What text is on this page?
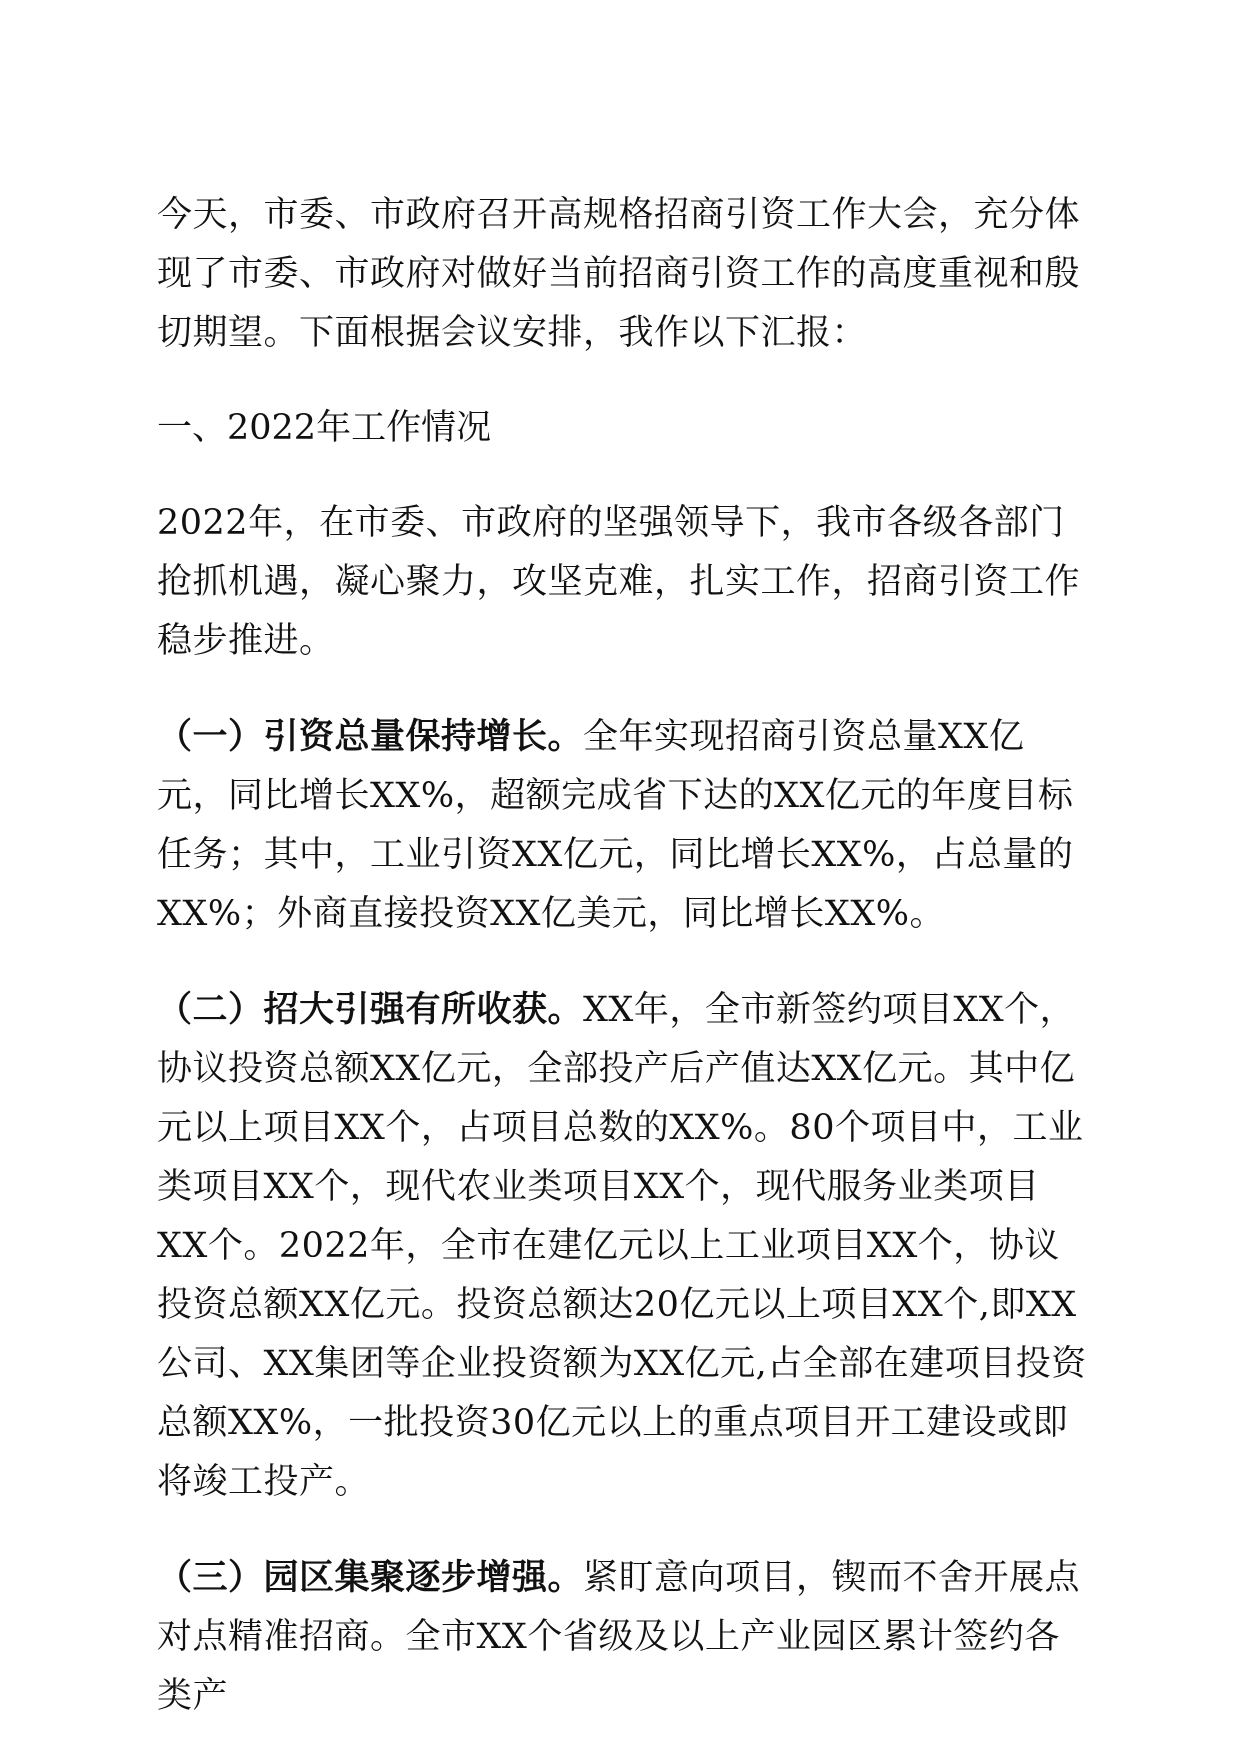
今天，市委、市政府召开高规格招商引资工作大会，充分体现了市委、市政府对做好当前招商引资工作的高度重视和殷切期望。下面根据会议安排，我作以下汇报：

一、2022年工作情况

2022年，在市委、市政府的坚强领导下，我市各级各部门抢抓机遇，凝心聚力，攻坚克难，扎实工作，招商引资工作稳步推进。

（一）引资总量保持增长。全年实现招商引资总量XX亿元，同比增长XX%，超额完成省下达的XX亿元的年度目标任务；其中，工业引资XX亿元，同比增长XX%，占总量的XX%；外商直接投资XX亿美元，同比增长XX%。

（二）招大引强有所收获。XX年，全市新签约项目XX个，协议投资总额XX亿元，全部投产后产值达XX亿元。其中亿元以上项目XX个，占项目总数的XX%。80个项目中，工业类项目XX个，现代农业类项目XX个，现代服务业类项目XX个。2022年，全市在建亿元以上工业项目XX个，协议投资总额XX亿元。投资总额达20亿元以上项目XX个,即XX公司、XX集团等企业投资额为XX亿元,占全部在建项目投资总额XX%，一批投资30亿元以上的重点项目开工建设或即将竣工投产。

（三）园区集聚逐步增强。紧盯意向项目，锲而不舍开展点对点精准招商。全市XX个省级及以上产业园区累计签约各类产
